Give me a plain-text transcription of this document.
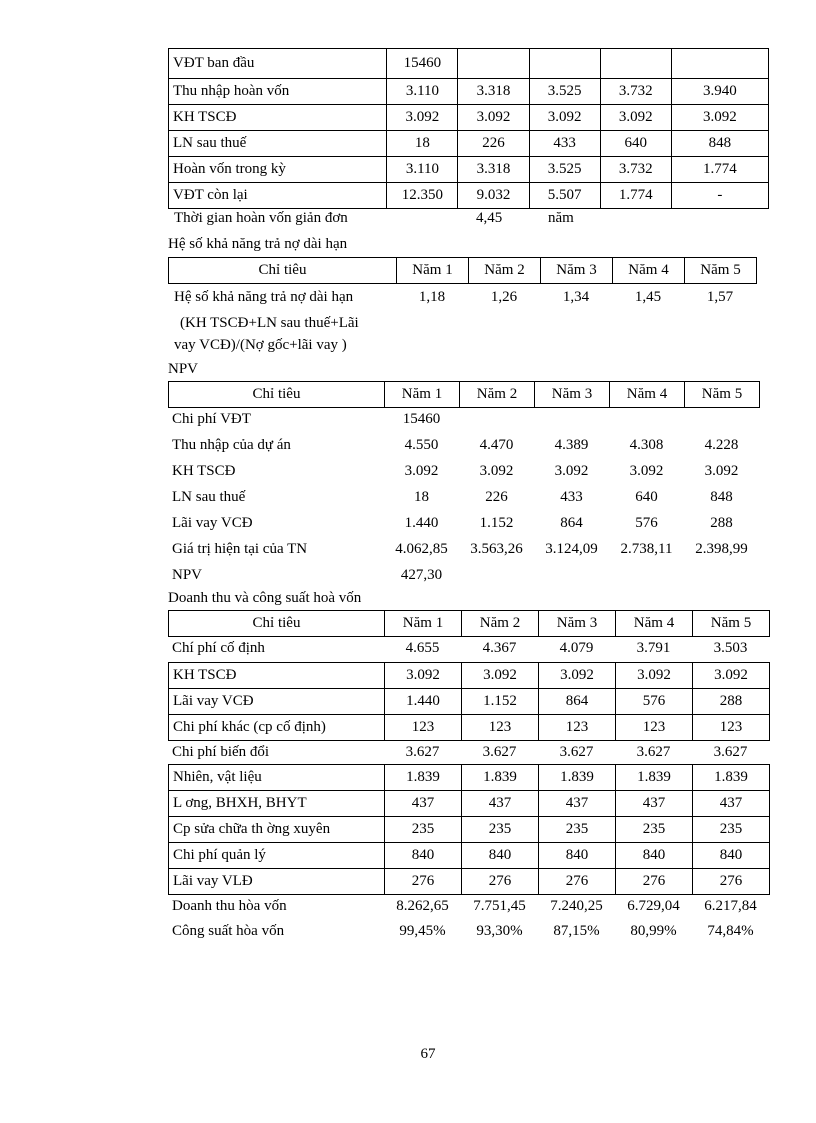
VĐT ban đầu	15460				
Thu nhập hoàn vốn	3.110	3.318	3.525	3.732	3.940
KH TSCĐ	3.092	3.092	3.092	3.092	3.092
LN sau thuế	18	226	433	640	848
Hoàn vốn trong kỳ	3.110	3.318	3.525	3.732	1.774
VĐT còn lại	12.350	9.032	5.507	1.774	-
Thời gian hoàn vốn giản đơn	4,45	năm
Hệ số khả năng trả nợ dài hạn
Chỉ tiêu	Năm 1	Năm 2	Năm 3	Năm 4	Năm 5
Hệ số khả năng trả nợ dài hạn	1,18	1,26	1,34	1,45	1,57
(KH TSCĐ+LN sau thuế+Lãi
vay VCĐ)/(Nợ gốc+lãi vay )
NPV
Chỉ tiêu	Năm 1	Năm 2	Năm 3	Năm 4	Năm 5
Chi phí VĐT	15460				
Thu nhập của dự án	4.550	4.470	4.389	4.308	4.228
KH TSCĐ	3.092	3.092	3.092	3.092	3.092
LN sau thuế	18	226	433	640	848
Lãi vay VCĐ	1.440	1.152	864	576	288
Giá trị hiện tại của TN	4.062,85	3.563,26	3.124,09	2.738,11	2.398,99
NPV	427,30				
Doanh thu và công suất hoà vốn
Chỉ tiêu	Năm 1	Năm 2	Năm 3	Năm 4	Năm 5
Chí phí cố định	4.655	4.367	4.079	3.791	3.503
KH TSCĐ	3.092	3.092	3.092	3.092	3.092
Lãi vay VCĐ	1.440	1.152	864	576	288
Chi phí khác (cp cố định)	123	123	123	123	123
Chi phí biến đổi	3.627	3.627	3.627	3.627	3.627
Nhiên, vật liệu	1.839	1.839	1.839	1.839	1.839
L ơng, BHXH, BHYT	437	437	437	437	437
Cp sửa chữa th ờng xuyên	235	235	235	235	235
Chi phí quản lý	840	840	840	840	840
Lãi vay VLĐ	276	276	276	276	276
Doanh thu hòa vốn	8.262,65	7.751,45	7.240,25	6.729,04	6.217,84
Công suất hòa vốn	99,45%	93,30%	87,15%	80,99%	74,84%
67
